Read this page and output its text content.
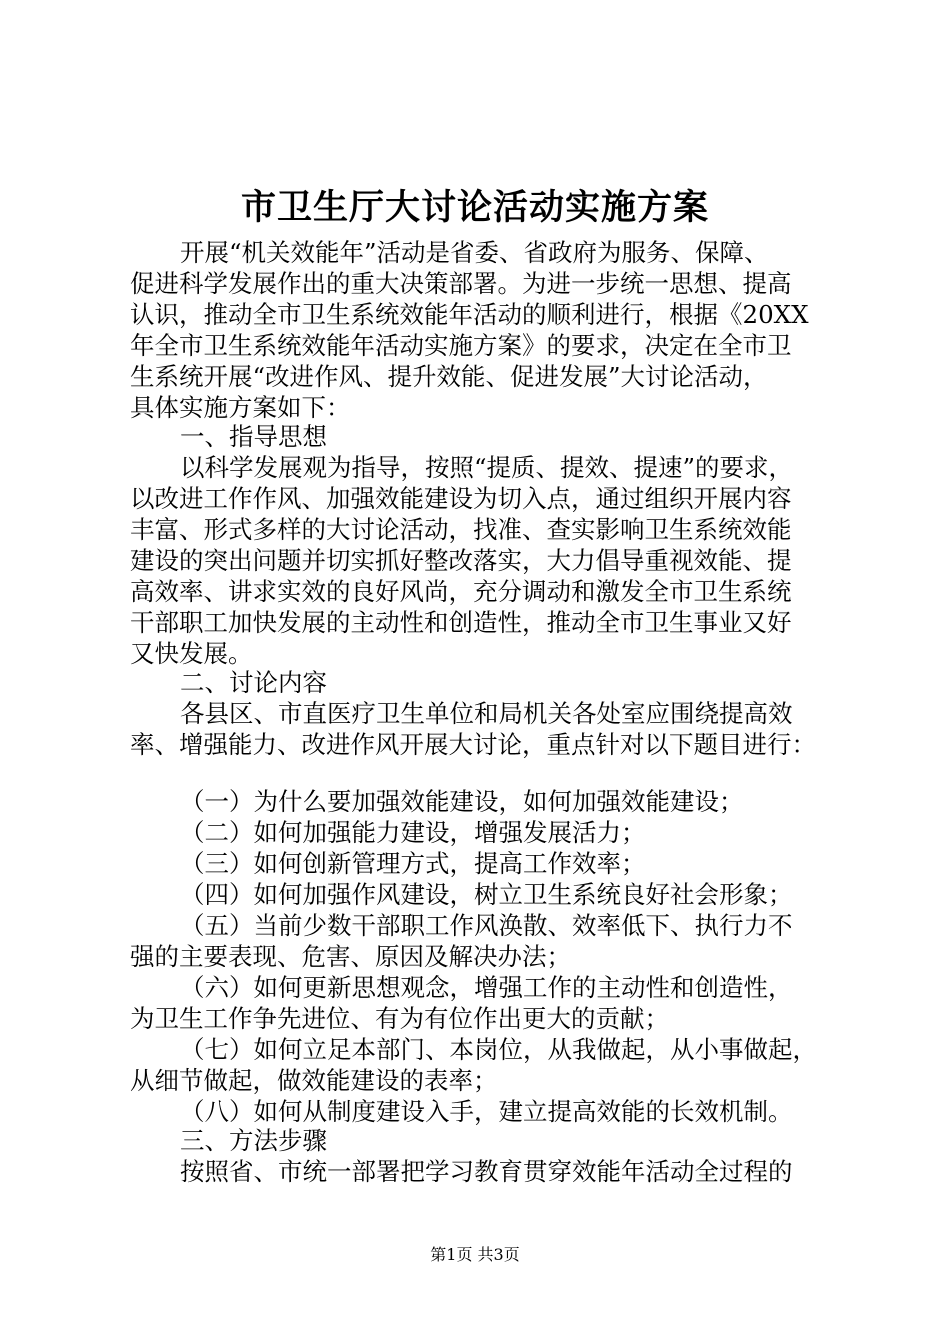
市卫生厅大讨论活动实施方案
开展“机关效能年”活动是省委、省政府为服务、保障、
促进科学发展作出的重大决策部署。为进一步统一思想、提高
认识，推动全市卫生系统效能年活动的顺利进行，根据《20XX
年全市卫生系统效能年活动实施方案》的要求，决定在全市卫
生系统开展“改进作风、提升效能、促进发展”大讨论活动，
具体实施方案如下：
一、指导思想
以科学发展观为指导，按照“提质、提效、提速”的要求，
以改进工作作风、加强效能建设为切入点，通过组织开展内容
丰富、形式多样的大讨论活动，找准、查实影响卫生系统效能
建设的突出问题并切实抓好整改落实，大力倡导重视效能、提
高效率、讲求实效的良好风尚，充分调动和激发全市卫生系统
干部职工加快发展的主动性和创造性，推动全市卫生事业又好
又快发展。
二、讨论内容
各县区、市直医疗卫生单位和局机关各处室应围绕提高效
率、增强能力、改进作风开展大讨论，重点针对以下题目进行：
（一）为什么要加强效能建设，如何加强效能建设；
（二）如何加强能力建设，增强发展活力；
（三）如何创新管理方式，提高工作效率；
（四）如何加强作风建设，树立卫生系统良好社会形象；
（五）当前少数干部职工作风涣散、效率低下、执行力不
强的主要表现、危害、原因及解决办法；
（六）如何更新思想观念，增强工作的主动性和创造性，
为卫生工作争先进位、有为有位作出更大的贡献；
（七）如何立足本部门、本岗位，从我做起，从小事做起，
从细节做起，做效能建设的表率；
（八）如何从制度建设入手，建立提高效能的长效机制。
三、方法步骤
按照省、市统一部署把学习教育贯穿效能年活动全过程的
第1页 共3页
